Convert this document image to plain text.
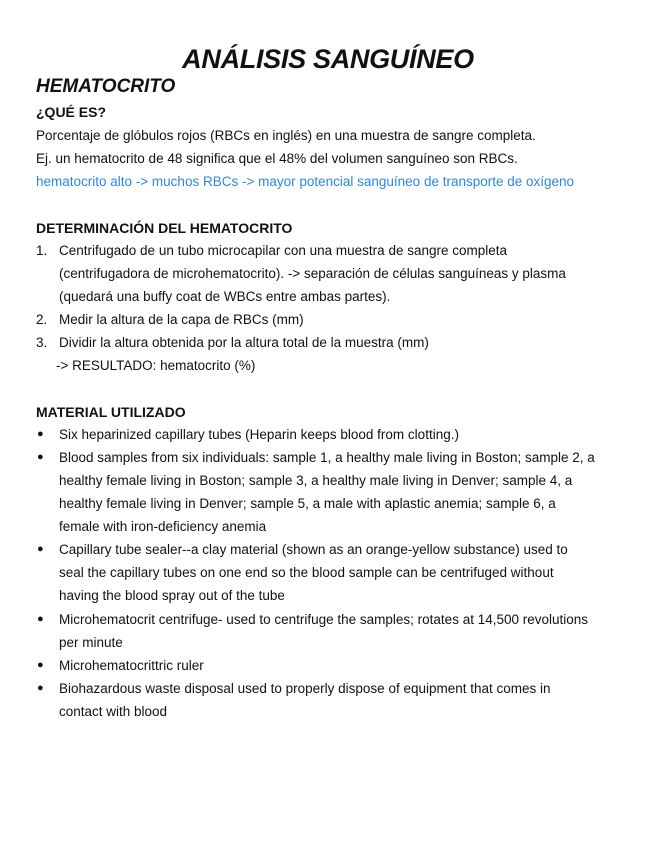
ANÁLISIS SANGUÍNEO
HEMATOCRITO
¿QUÉ ES?
Porcentaje de glóbulos rojos (RBCs en inglés) en una muestra de sangre completa.
Ej. un hematocrito de 48 significa que el 48% del volumen sanguíneo son RBCs.
hematocrito alto -> muchos RBCs -> mayor potencial sanguíneo de transporte de oxígeno
DETERMINACIÓN DEL HEMATOCRITO
1. Centrifugado de un tubo microcapilar con una muestra de sangre completa
(centrifugadora de microhematocrito). -> separación de células sanguíneas y plasma
(quedará una buffy coat de WBCs entre ambas partes).
2. Medir la altura de la capa de RBCs (mm)
3. Dividir la altura obtenida por la altura total de la muestra (mm)
-> RESULTADO: hematocrito (%)
MATERIAL UTILIZADO
● Six heparinized capillary tubes (Heparin keeps blood from clotting.)
● Blood samples from six individuals: sample 1, a healthy male living in Boston; sample 2, a
healthy female living in Boston; sample 3, a healthy male living in Denver; sample 4, a
healthy female living in Denver; sample 5, a male with aplastic anemia; sample 6, a
female with iron-deficiency anemia
● Capillary tube sealer--a clay material (shown as an orange-yellow substance) used to
seal the capillary tubes on one end so the blood sample can be centrifuged without
having the blood spray out of the tube
● Microhematocrit centrifuge- used to centrifuge the samples; rotates at 14,500 revolutions
per minute
● Microhematocrittric ruler
● Biohazardous waste disposal used to properly dispose of equipment that comes in
contact with blood
